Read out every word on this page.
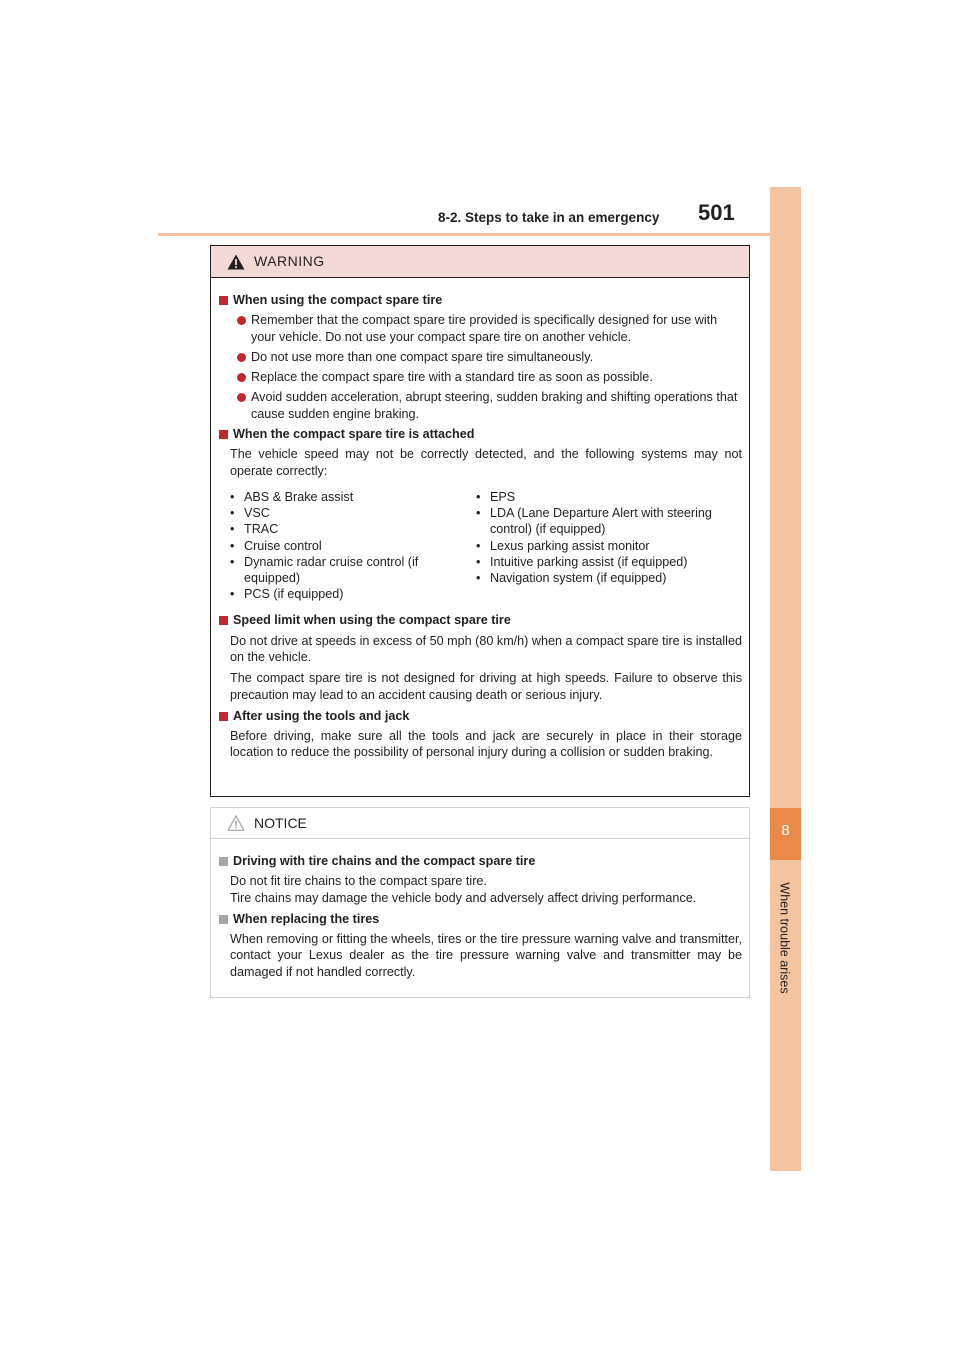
8-2. Steps to take in an emergency 501
8
When trouble arises
WARNING
When using the compact spare tire
Remember that the compact spare tire provided is specifically designed for use with your vehicle. Do not use your compact spare tire on another vehicle.
Do not use more than one compact spare tire simultaneously.
Replace the compact spare tire with a standard tire as soon as possible.
Avoid sudden acceleration, abrupt steering, sudden braking and shifting operations that cause sudden engine braking.
When the compact spare tire is attached
The vehicle speed may not be correctly detected, and the following systems may not operate correctly:
• ABS & Brake assist
• VSC
• TRAC
• Cruise control
• Dynamic radar cruise control (if equipped)
• PCS (if equipped)
• EPS
• LDA (Lane Departure Alert with steering control) (if equipped)
• Lexus parking assist monitor
• Intuitive parking assist (if equipped)
• Navigation system (if equipped)
Speed limit when using the compact spare tire
Do not drive at speeds in excess of 50 mph (80 km/h) when a compact spare tire is installed on the vehicle.
The compact spare tire is not designed for driving at high speeds. Failure to observe this precaution may lead to an accident causing death or serious injury.
After using the tools and jack
Before driving, make sure all the tools and jack are securely in place in their storage location to reduce the possibility of personal injury during a collision or sudden braking.
NOTICE
Driving with tire chains and the compact spare tire
Do not fit tire chains to the compact spare tire.
Tire chains may damage the vehicle body and adversely affect driving performance.
When replacing the tires
When removing or fitting the wheels, tires or the tire pressure warning valve and transmitter, contact your Lexus dealer as the tire pressure warning valve and transmitter may be damaged if not handled correctly.
